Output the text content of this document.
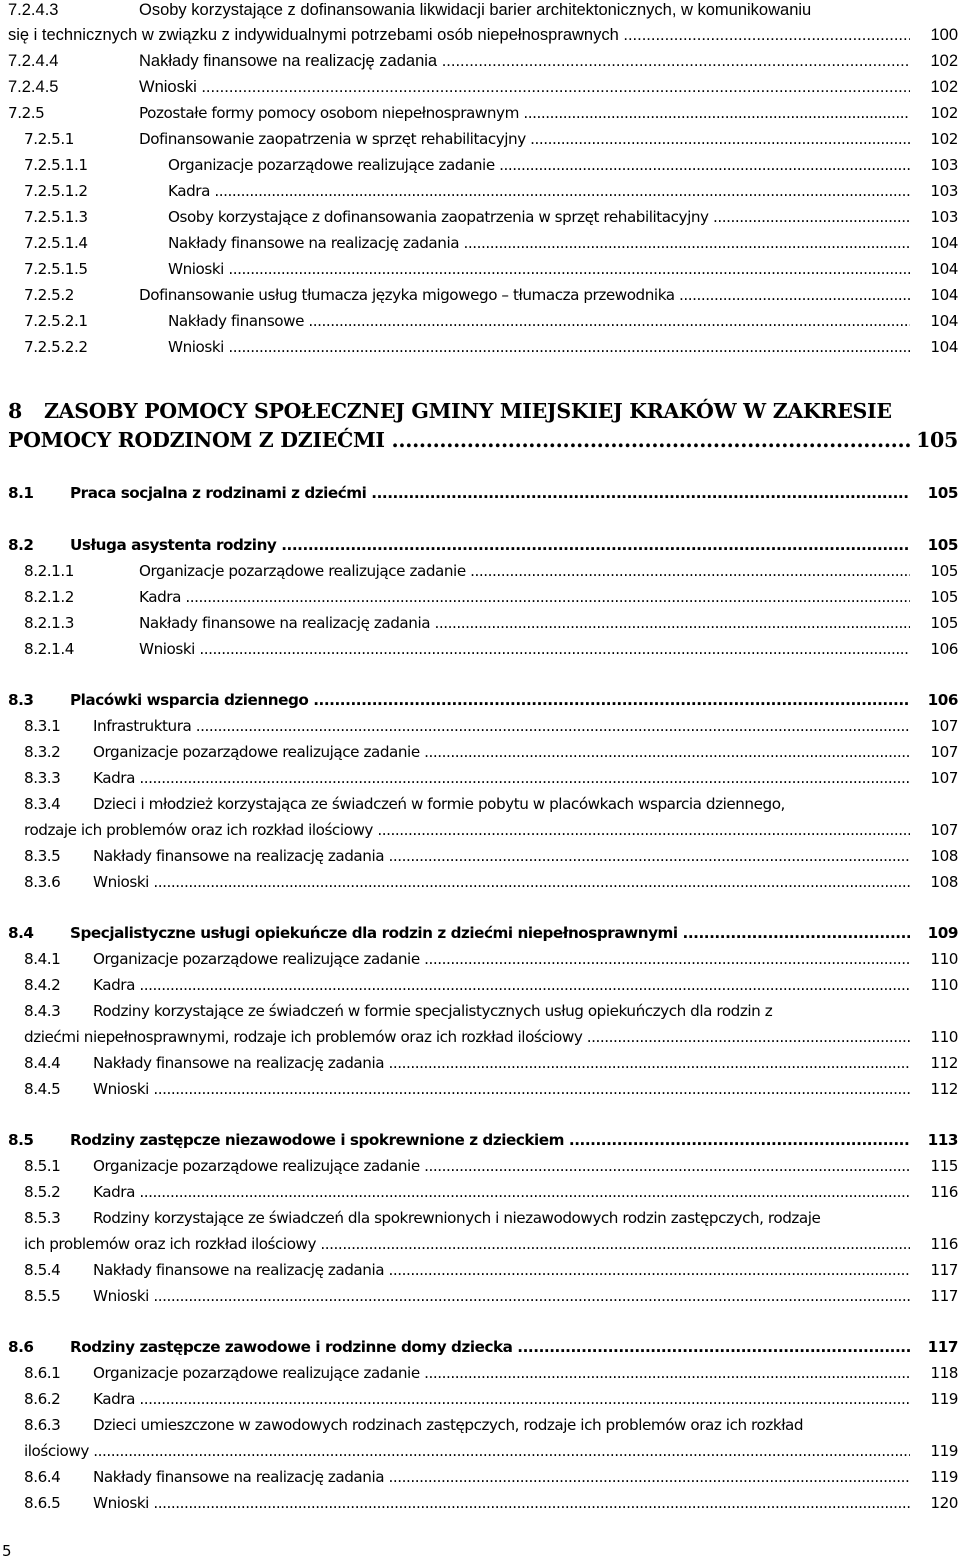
7.2.4.3	Osoby korzystające z dofinansowania likwidacji barier architektonicznych, w komunikowaniu
się i technicznych w związku z indywidualnymi potrzebami osób niepełnosprawnych .....	100
7.2.4.4	Nakłady finansowe na realizację zadania .....	102
7.2.4.5	Wnioski .....	102
7.2.5	Pozostałe formy pomocy osobom niepełnosprawnym .....	102
7.2.5.1	Dofinansowanie zaopatrzenia w sprzęt rehabilitacyjny .....	102
7.2.5.1.1	Organizacje pozarządowe realizujące zadanie .....	103
7.2.5.1.2	Kadra .....	103
7.2.5.1.3	Osoby korzystające z dofinansowania zaopatrzenia w sprzęt rehabilitacyjny .....	103
7.2.5.1.4	Nakłady finansowe na realizację zadania .....	104
7.2.5.1.5	Wnioski .....	104
7.2.5.2	Dofinansowanie usług tłumacza języka migowego – tłumacza przewodnika .....	104
7.2.5.2.1	Nakłady finansowe .....	104
7.2.5.2.2	Wnioski .....	104
8 ZASOBY POMOCY SPOŁECZNEJ GMINY MIEJSKIEJ KRAKÓW W ZAKRESIE
POMOCY RODZINOM Z DZIEĆMI .....	105
8.1 Praca socjalna z rodzinami z dziećmi .....	105
8.2 Usługa asystenta rodziny .....	105
8.2.1.1	Organizacje pozarządowe realizujące zadanie .....	105
8.2.1.2	Kadra .....	105
8.2.1.3	Nakłady finansowe na realizację zadania .....	105
8.2.1.4	Wnioski .....	106
8.3 Placówki wsparcia dziennego .....	106
8.3.1 Infrastruktura .....	107
8.3.2 Organizacje pozarządowe realizujące zadanie .....	107
8.3.3 Kadra .....	107
8.3.4 Dzieci i młodzież korzystająca ze świadczeń w formie pobytu w placówkach wsparcia dziennego,
rodzaje ich problemów oraz ich rozkład ilościowy .....	107
8.3.5 Nakłady finansowe na realizację zadania .....	108
8.3.6 Wnioski .....	108
8.4 Specjalistyczne usługi opiekuńcze dla rodzin z dziećmi niepełnosprawnymi .....	109
8.4.1 Organizacje pozarządowe realizujące zadanie .....	110
8.4.2 Kadra .....	110
8.4.3 Rodziny korzystające ze świadczeń w formie specjalistycznych usług opiekuńczych dla rodzin z
dziećmi niepełnosprawnymi, rodzaje ich problemów oraz ich rozkład ilościowy .....	110
8.4.4 Nakłady finansowe na realizację zadania .....	112
8.4.5 Wnioski .....	112
8.5 Rodziny zastępcze niezawodowe i spokrewnione z dzieckiem .....	113
8.5.1 Organizacje pozarządowe realizujące zadanie .....	115
8.5.2 Kadra .....	116
8.5.3 Rodziny korzystające ze świadczeń dla spokrewnionych i niezawodowych rodzin zastępczych, rodzaje
ich problemów oraz ich rozkład ilościowy .....	116
8.5.4 Nakłady finansowe na realizację zadania .....	117
8.5.5 Wnioski .....	117
8.6 Rodziny zastępcze zawodowe i rodzinne domy dziecka .....	117
8.6.1 Organizacje pozarządowe realizujące zadanie .....	118
8.6.2 Kadra .....	119
8.6.3 Dzieci umieszczone w zawodowych rodzinach zastępczych, rodzaje ich problemów oraz ich rozkład
ilościowy .....	119
8.6.4 Nakłady finansowe na realizację zadania .....	119
8.6.5 Wnioski .....	120
5
